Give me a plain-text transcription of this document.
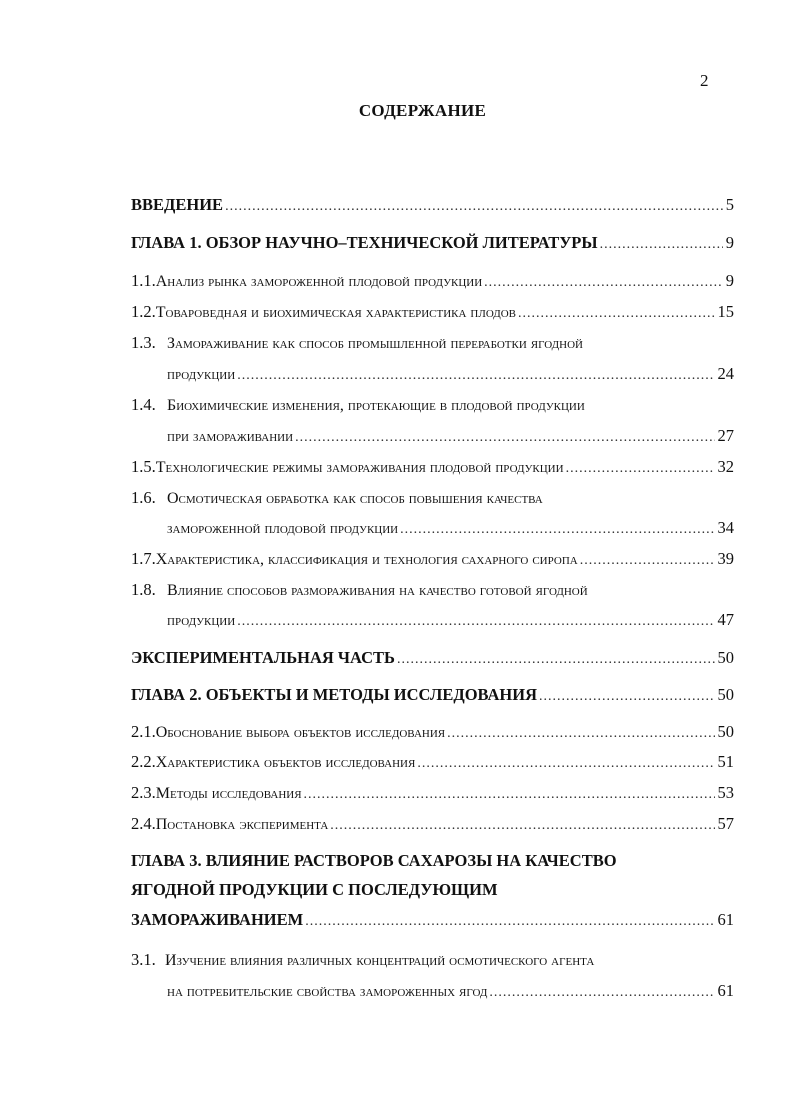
2
СОДЕРЖАНИЕ
ВВЕДЕНИЕ .....	5
ГЛАВА 1. ОБЗОР НАУЧНО–ТЕХНИЧЕСКОЙ ЛИТЕРАТУРЫ .....	9
1.1. Анализ рынка замороженной плодовой продукции .....	9
1.2. Товароведная и биохимическая характеристика плодов .....	15
1.3. Замораживание как способ промышленной переработки ягодной
продукции .....	24
1.4. Биохимические изменения, протекающие в плодовой продукции
при замораживании .....	27
1.5. Технологические режимы замораживания плодовой продукции .....	32
1.6. Осмотическая обработка как способ повышения качества
замороженной плодовой продукции .....	34
1.7. Характеристика, классификация и технология сахарного сиропа .....	39
1.8. Влияние способов размораживания на качество готовой ягодной
продукции .....	47
ЭКСПЕРИМЕНТАЛЬНАЯ ЧАСТЬ .....	50
ГЛАВА 2. ОБЪЕКТЫ И МЕТОДЫ ИССЛЕДОВАНИЯ .....	50
2.1. Обоснование выбора объектов исследования .....	50
2.2. Характеристика объектов исследования .....	51
2.3. Методы исследования .....	53
2.4. Постановка эксперимента .....	57
ГЛАВА 3. ВЛИЯНИЕ РАСТВОРОВ САХАРОЗЫ НА КАЧЕСТВО
ЯГОДНОЙ ПРОДУКЦИИ С ПОСЛЕДУЮЩИМ
ЗАМОРАЖИВАНИЕМ .....	61
3.1. Изучение влияния различных концентраций осмотического агента
на потребительские свойства замороженных ягод .....	61
